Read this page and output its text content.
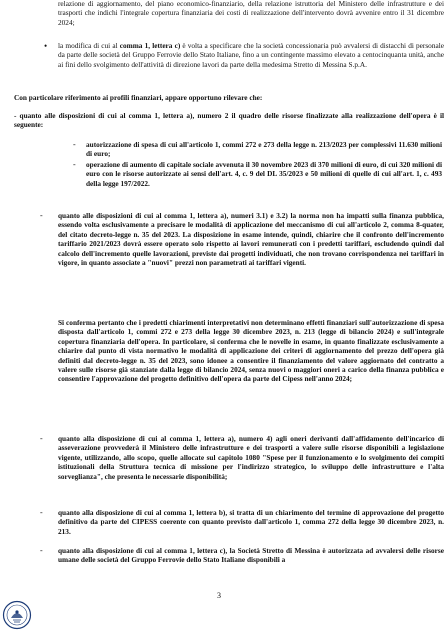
relazione di aggiornamento, del piano economico-finanziario, della relazione istruttoria del Ministero delle infrastrutture e dei trasporti che indichi l'integrale copertura finanziaria dei costi di realizzazione dell'intervento dovrà avvenire entro il 31 dicembre 2024;

• la modifica di cui al comma 1, lettera c) è volta a specificare che la società concessionaria può avvalersi di distacchi di personale da parte delle società del Gruppo Ferrovie dello Stato Italiane, fino a un contingente massimo elevato a centocinquanta unità, anche ai fini dello svolgimento dell'attività di direzione lavori da parte della medesima Stretto di Messina S.p.A.

Con particolare riferimento ai profili finanziari, appare opportuno rilevare che:

- quanto alle disposizioni di cui al comma 1, lettera a), numero 2 il quadro delle risorse finalizzate alla realizzazione dell'opera è il seguente:

- autorizzazione di spesa di cui all'articolo 1, commi 272 e 273 della legge n. 213/2023 per complessivi 11.630 milioni di euro;

- operazione di aumento di capitale sociale avvenuta il 30 novembre 2023 di 370 milioni di euro, di cui 320 milioni di euro con le risorse autorizzate ai sensi dell'art. 4, c. 9 del DL 35/2023 e 50 milioni di quelle di cui all'art. 1, c. 493 della legge 197/2022.

- quanto alle disposizioni di cui al comma 1, lettera a), numeri 3.1) e 3.2) la norma non ha impatti sulla finanza pubblica, essendo volta esclusivamente a precisare le modalità di applicazione del meccanismo di cui all'articolo 2, comma 8-quater, del citato decreto-legge n. 35 del 2023. La disposizione in esame intende, quindi, chiarire che il confronto dell'incremento tariffario 2021/2023 dovrà essere operato solo rispetto ai lavori remunerati con i predetti tariffari, escludendo quindi dal calcolo dell'incremento quelle lavorazioni, previste dai progetti individuati, che non trovano corrispondenza nei tariffari in vigore, in quanto associate a "nuovi" prezzi non parametrati ai tariffari vigenti.

Si conferma pertanto che i predetti chiarimenti interpretativi non determinano effetti finanziari sull'autorizzazione di spesa disposta dall'articolo 1, commi 272 e 273 della legge 30 dicembre 2023, n. 213 (legge di bilancio 2024) e sull'integrale copertura finanziaria dell'opera. In particolare, si conferma che le novelle in esame, in quanto finalizzate esclusivamente a chiarire dal punto di vista normativo le modalità di applicazione dei criteri di aggiornamento del prezzo dell'opera già definiti dal decreto-legge n. 35 del 2023, sono idonee a consentire il finanziamento del valore aggiornato del contratto a valere sulle risorse già stanziate dalla legge di bilancio 2024, senza nuovi o maggiori oneri a carico della finanza pubblica e consentire l'approvazione del progetto definitivo dell'opera da parte del Cipess nell'anno 2024;

- quanto alla disposizione di cui al comma 1, lettera a), numero 4) agli oneri derivanti dall'affidamento dell'incarico di asseverazione provvederà il Ministero delle infrastrutture e dei trasporti a valere sulle risorse disponibili a legislazione vigente, utilizzando, allo scopo, quelle allocate sul capitolo 1080 "Spese per il funzionamento e lo svolgimento dei compiti istituzionali della Struttura tecnica di missione per l'indirizzo strategico, lo sviluppo delle infrastrutture e l'alta sorveglianza", che presenta le necessarie disponibilità;

- quanto alla disposizione di cui al comma 1, lettera b), si tratta di un chiarimento del termine di approvazione del progetto definitivo da parte del CIPESS coerente con quanto previsto dall'articolo 1, comma 272 della legge 30 dicembre 2023, n. 213.

- quanto alla disposizione di cui al comma 1, lettera c), la Società Stretto di Messina è autorizzata ad avvalersi delle risorse umane delle società del Gruppo Ferrovie dello Stato Italiane disponibili a

3
